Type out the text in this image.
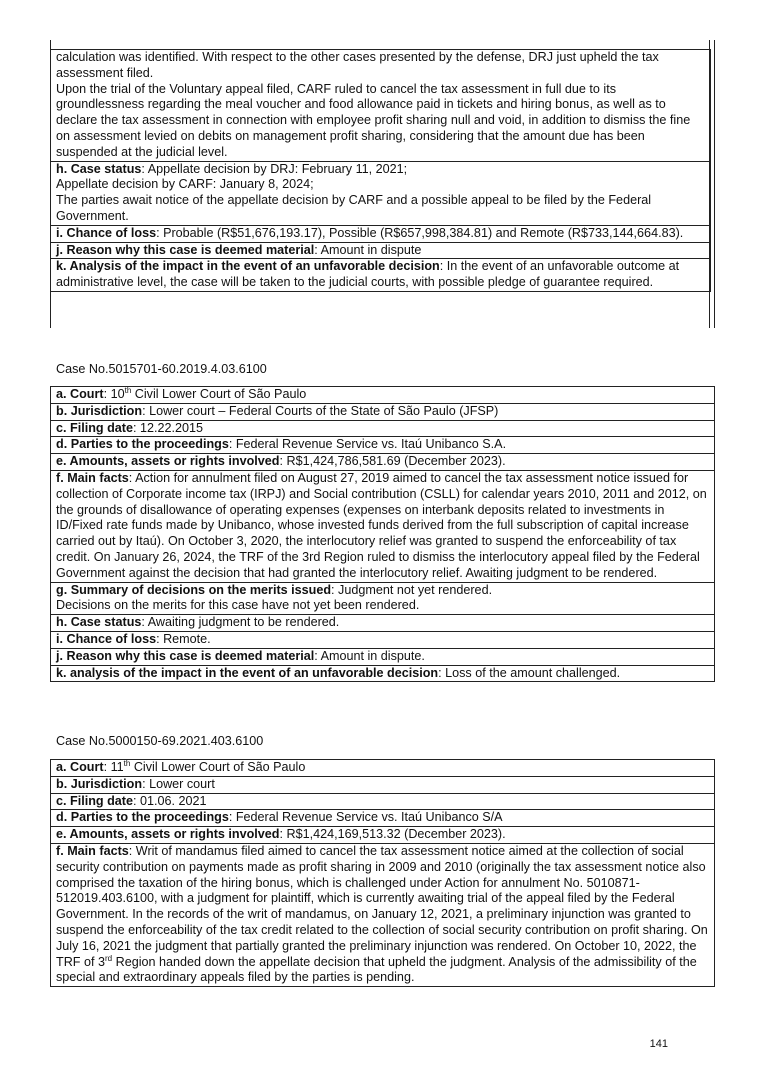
calculation was identified. With respect to the other cases presented by the defense, DRJ just upheld the tax assessment filed.

Upon the trial of the Voluntary appeal filed, CARF ruled to cancel the tax assessment in full due to its groundlessness regarding the meal voucher and food allowance paid in tickets and hiring bonus, as well as to declare the tax assessment in connection with employee profit sharing null and void, in addition to dismiss the fine on assessment levied on debits on management profit sharing, considering that the amount due has been suspended at the judicial level.

h. Case status: Appellate decision by DRJ: February 11, 2021;

Appellate decision by CARF: January 8, 2024;

The parties await notice of the appellate decision by CARF and a possible appeal to be filed by the Federal Government.

i. Chance of loss: Probable (R$51,676,193.17), Possible (R$657,998,384.81) and Remote (R$733,144,664.83).
j. Reason why this case is deemed material: Amount in dispute
k. Analysis of the impact in the event of an unfavorable decision: In the event of an unfavorable outcome at administrative level, the case will be taken to the judicial courts, with possible pledge of guarantee required.
Case No.5015701-60.2019.4.03.6100
a. Court: 10th Civil Lower Court of São Paulo
b. Jurisdiction: Lower court – Federal Courts of the State of São Paulo (JFSP)
c. Filing date: 12.22.2015
d. Parties to the proceedings: Federal Revenue Service vs. Itaú Unibanco S.A.
e. Amounts, assets or rights involved: R$1,424,786,581.69 (December 2023).
f. Main facts: Action for annulment filed on August 27, 2019 aimed to cancel the tax assessment notice issued for collection of Corporate income tax (IRPJ) and Social contribution (CSLL) for calendar years 2010, 2011 and 2012, on the grounds of disallowance of operating expenses (expenses on interbank deposits related to investments in ID/Fixed rate funds made by Unibanco, whose invested funds derived from the full subscription of capital increase carried out by Itaú). On October 3, 2020, the interlocutory relief was granted to suspend the enforceability of tax credit. On January 26, 2024, the TRF of the 3rd Region ruled to dismiss the interlocutory appeal filed by the Federal Government against the decision that had granted the interlocutory relief. Awaiting judgment to be rendered.

g. Summary of decisions on the merits issued: Judgment not yet rendered.

Decisions on the merits for this case have not yet been rendered.

h. Case status: Awaiting judgment to be rendered.
i. Chance of loss: Remote.
j. Reason why this case is deemed material: Amount in dispute.
k. analysis of the impact in the event of an unfavorable decision: Loss of the amount challenged.
Case No.5000150-69.2021.403.6100
a. Court: 11th Civil Lower Court of São Paulo
b. Jurisdiction: Lower court
c. Filing date: 01.06. 2021
d. Parties to the proceedings: Federal Revenue Service vs. Itaú Unibanco S/A
e. Amounts, assets or rights involved: R$1,424,169,513.32 (December 2023).
f. Main facts: Writ of mandamus filed aimed to cancel the tax assessment notice aimed at the collection of social security contribution on payments made as profit sharing in 2009 and 2010 (originally the tax assessment notice also comprised the taxation of the hiring bonus, which is challenged under Action for annulment No. 5010871-512019.403.6100, with a judgment for plaintiff, which is currently awaiting trial of the appeal filed by the Federal Government. In the records of the writ of mandamus, on January 12, 2021, a preliminary injunction was granted to suspend the enforceability of the tax credit related to the collection of social security contribution on profit sharing. On July 16, 2021 the judgment that partially granted the preliminary injunction was rendered. On October 10, 2022, the TRF of 3rd Region handed down the appellate decision that upheld the judgment. Analysis of the admissibility of the special and extraordinary appeals filed by the parties is pending.
141
